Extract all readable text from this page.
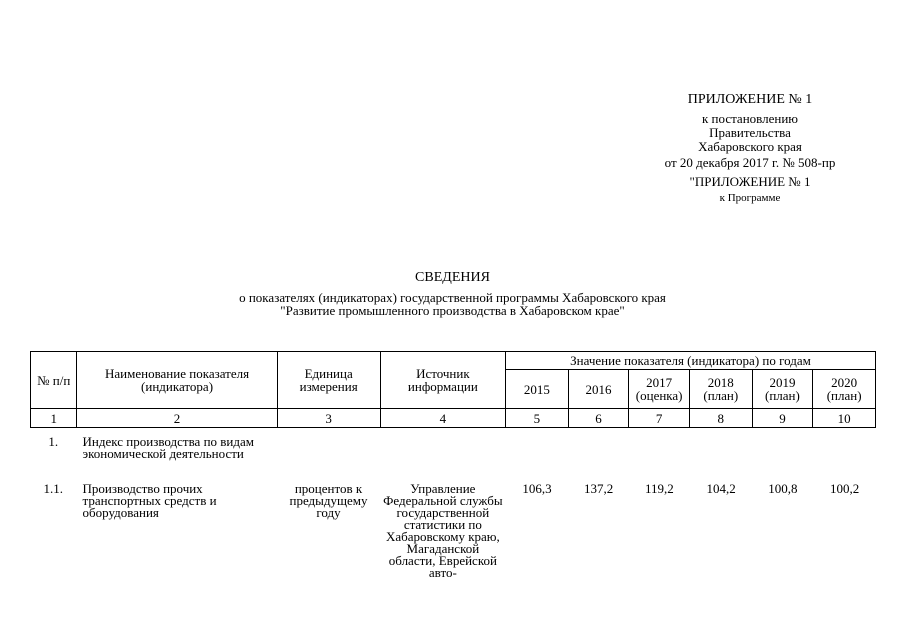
ПРИЛОЖЕНИЕ № 1
к постановлению
Правительства
Хабаровского края
от 20 декабря 2017 г. № 508-пр
"ПРИЛОЖЕНИЕ № 1
к Программе
СВЕДЕНИЯ
о показателях (индикаторах) государственной программы Хабаровского края
"Развитие промышленного производства в Хабаровском крае"
№ п/п	Наименование показателя (индикатора)	Единица измерения	Источник информации	Значение показателя (индикатора) по годам					
				2015	2016	2017 (оценка)	2018 (план)	2019 (план)	2020 (план)
1	2	3	4	5	6	7	8	9	10
1.	Индекс производства по видам экономической деятельности								
1.1.	Производство прочих транспортных средств и оборудования	процентов к предыдущему году	Управление Федеральной службы государственной статистики по Хабаровскому краю, Магаданской области, Еврейской авто-	106,3	137,2	119,2	104,2	100,8	100,2
